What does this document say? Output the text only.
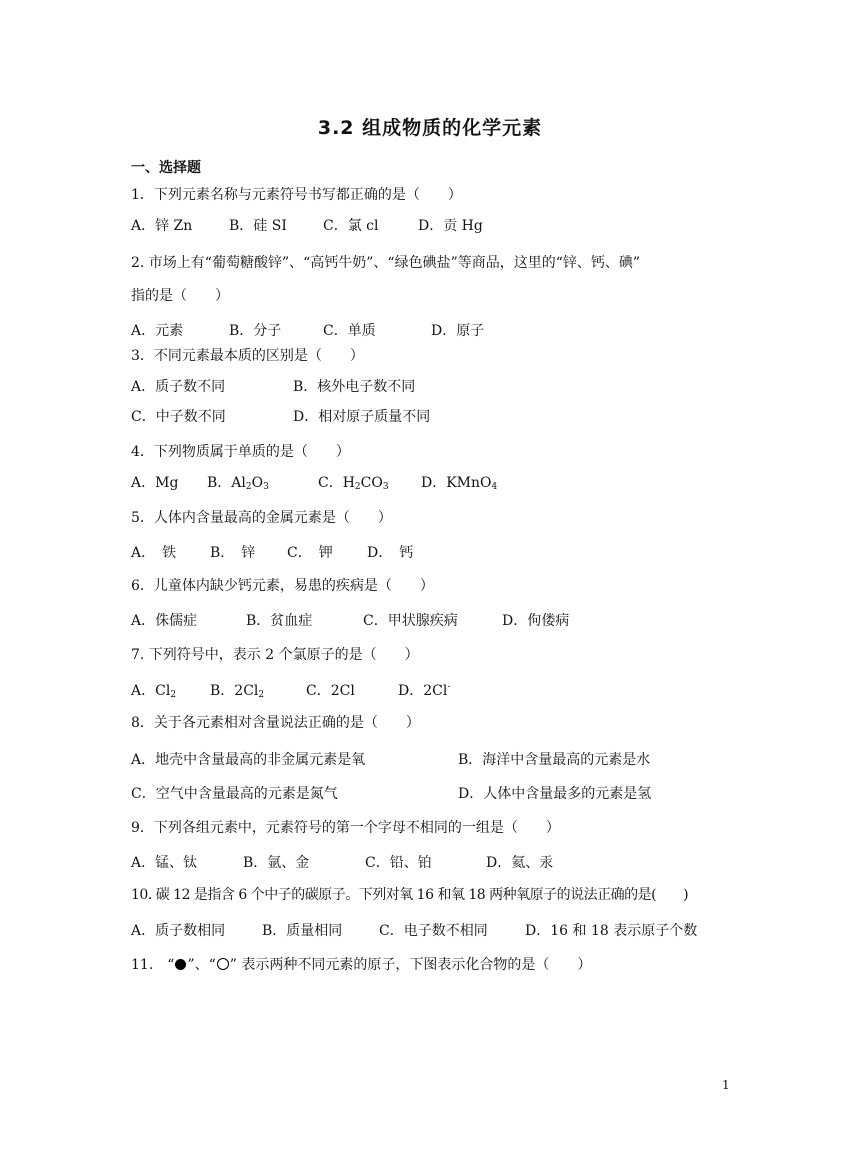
3.2 组成物质的化学元素
一、选择题
1．下列元素名称与元素符号书写都正确的是（　　）
A．锌 Zn	B．硅 SI	C．氯 cl	D．贡 Hg
2. 市场上有“葡萄糖酸锌”、“高钙牛奶”、“绿色碘盐”等商品，这里的“锌、钙、碘”
指的是（　　）
A．元素	B．分子	C．单质	D．原子
3．不同元素最本质的区别是（　　）
A．质子数不同	B．核外电子数不同
C．中子数不同	D．相对原子质量不同
4．下列物质属于单质的是（　　）
A．Mg B．$Al_2O_3$	C．$H_2CO_3$ D．KMnO$_4$
5．人体内含量最高的金属元素是（　　）
A．　铁 B．　锌 C．　钾 D．　钙
6．儿童体内缺少钙元素，易患的疾病是（　　）
A．侏儒症	B．贫血症	C．甲状腺疾病	D．佝偻病
7. 下列符号中，表示 2 个氯原子的是（　　）
A．$Cl_2$ B．$2Cl_2$	C．2Cl	D．2Cl-
8．关于各元素相对含量说法正确的是（　　）
A．地壳中含量最高的非金属元素是氧	B．海洋中含量最高的元素是水
C．空气中含量最高的元素是氮气	D．人体中含量最多的元素是氢
9．下列各组元素中，元素符号的第一个字母不相同的一组是（　　）
A．锰、钛	B．氩、金	C．铅、铂	D．氦、汞
10. 碳 12 是指含 6 个中子的碳原子。下列对氧 16 和氧 18 两种氧原子的说法正确的是(　　)
A．质子数相同	B．质量相同	C．电子数不相同	D．16 和 18 表示原子个数
11.　“ ”、“ ” 表示两种不同元素的原子，下图表示化合物的是（　　）
1
